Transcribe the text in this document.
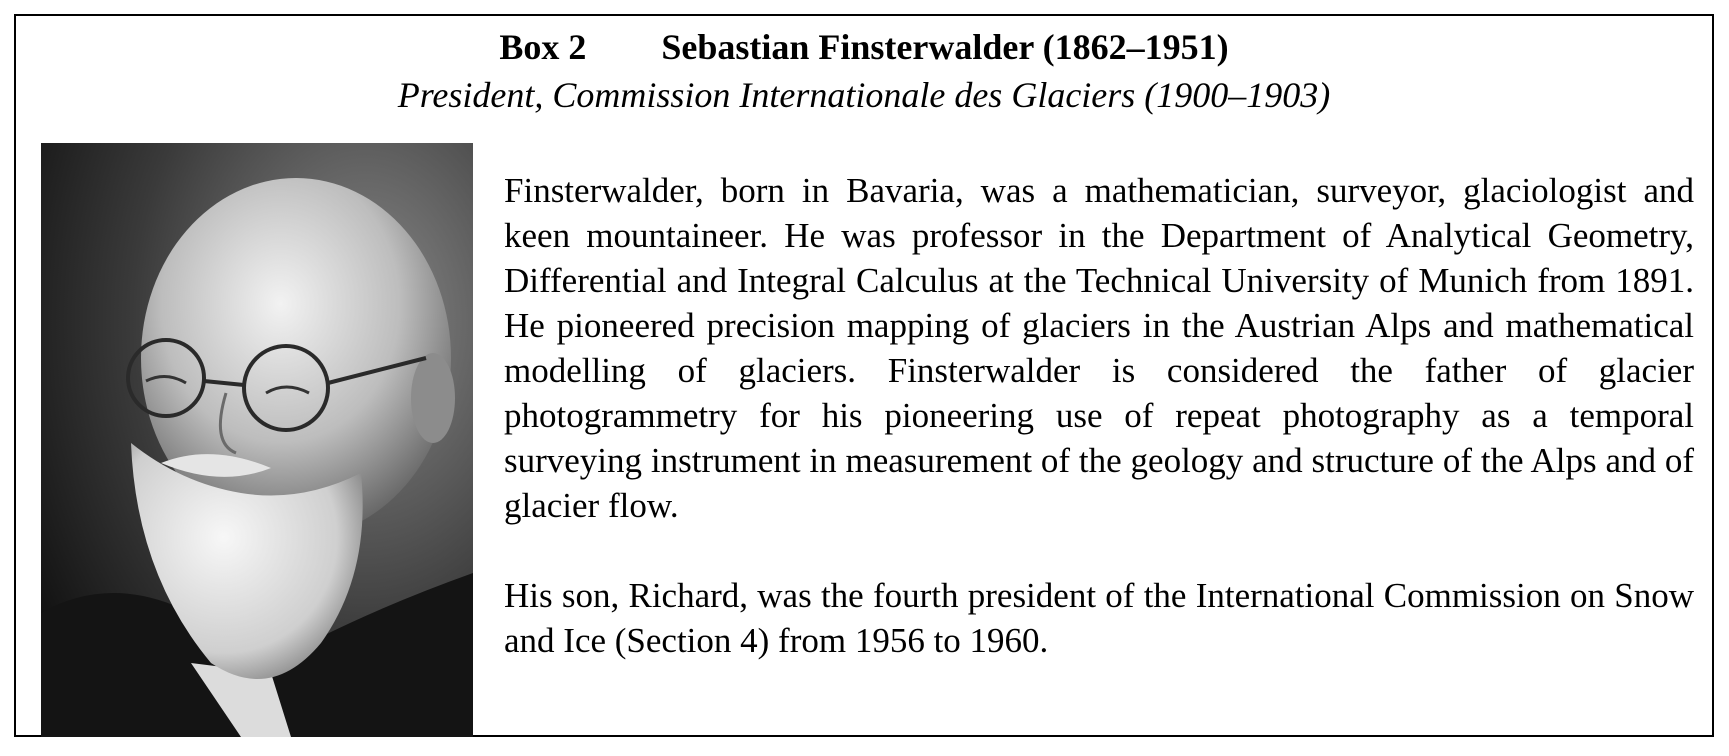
Box 2 Sebastian Finsterwalder (1862–1951)
President, Commission Internationale des Glaciers (1900–1903)

Finsterwalder, born in Bavaria, was a mathematician, surveyor, glaciologist and keen mountaineer. He was professor in the Department of Analytical Geometry, Differential and Integral Calculus at the Technical University of Munich from 1891. He pioneered precision mapping of glaciers in the Austrian Alps and mathematical modelling of glaciers. Finsterwalder is considered the father of glacier photogrammetry for his pioneering use of repeat photography as a temporal surveying instrument in measurement of the geology and structure of the Alps and of glacier flow.

His son, Richard, was the fourth president of the International Commission on Snow and Ice (Section 4) from 1956 to 1960.
